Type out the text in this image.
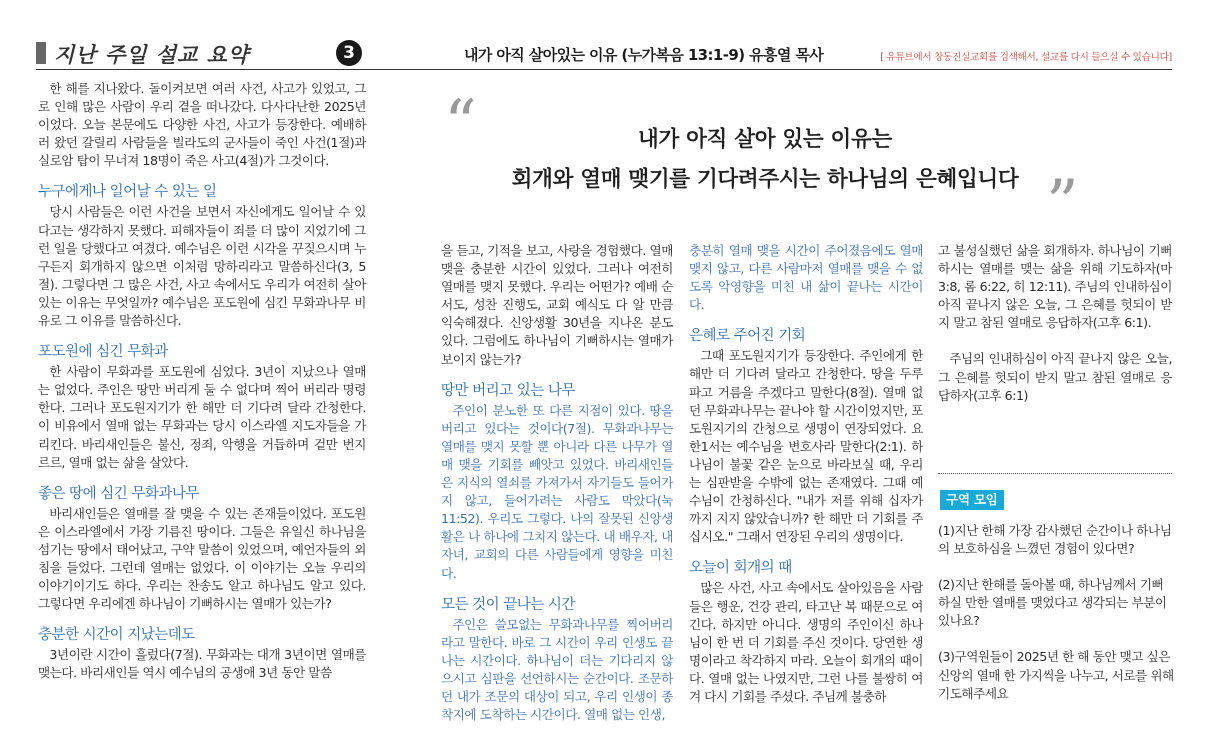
지난 주일 설교 요약	3	내가 아직 살아있는 이유 (누가복음 13:1-9) 유흥열 목사	[ 유튜브에서 창동진실교회를 검색해서, 설교를 다시 들으실 수 있습니다]

한 해를 지나왔다. 돌이켜보면 여러 사건, 사고가 있었고, 그로 인해 많은 사람이 우리 곁을 떠나갔다. 다사다난한 2025년이었다. 오늘 본문에도 다양한 사건, 사고가 등장한다. 예배하러 왔던 갈릴리 사람들을 빌라도의 군사들이 죽인 사건(1절)과 실로암 탑이 무너져 18명이 죽은 사고(4절)가 그것이다.

누구에게나 일어날 수 있는 일

당시 사람들은 이런 사건을 보면서 자신에게도 일어날 수 있다고는 생각하지 못했다. 피해자들이 죄를 더 많이 지었기에 그런 일을 당했다고 여겼다. 예수님은 이런 시각을 꾸짖으시며 누구든지 회개하지 않으면 이처럼 망하리라고 말씀하신다(3, 5절). 그렇다면 그 많은 사건, 사고 속에서도 우리가 여전히 살아있는 이유는 무엇일까? 예수님은 포도원에 심긴 무화과나무 비유로 그 이유를 말씀하신다.

포도원에 심긴 무화과

한 사람이 무화과를 포도원에 심었다. 3년이 지났으나 열매는 없었다. 주인은 땅만 버리게 둘 수 없다며 찍어 버리라 명령한다. 그러나 포도원지기가 한 해만 더 기다려 달라 간청한다. 이 비유에서 열매 없는 무화과는 당시 이스라엘 지도자들을 가리킨다. 바리새인들은 불신, 정죄, 악행을 거듭하며 겉만 번지르르, 열매 없는 삶을 살았다.

좋은 땅에 심긴 무화과나무

바리새인들은 열매를 잘 맺을 수 있는 존재들이었다. 포도원은 이스라엘에서 가장 기름진 땅이다. 그들은 유일신 하나님을 섬기는 땅에서 태어났고, 구약 말씀이 있었으며, 예언자들의 외침을 들었다. 그런데 열매는 없었다. 이 이야기는 오늘 우리의 이야기이기도 하다. 우리는 찬송도 알고 하나님도 알고 있다. 그렇다면 우리에겐 하나님이 기뻐하시는 열매가 있는가?

충분한 시간이 지났는데도

3년이란 시간이 흘렀다(7절). 무화과는 대개 3년이면 열매를 맺는다. 바리새인들 역시 예수님의 공생애 3년 동안 말씀

“	내가 아직 살아 있는 이유는
회개와 열매 맺기를 기다려주시는 하나님의 은혜입니다 ”

을 듣고, 기적을 보고, 사랑을 경험했다. 열매 맺을 충분한 시간이 있었다. 그러나 여전히 열매를 맺지 못했다. 우리는 어떤가? 예배 순서도, 성찬 진행도, 교회 예식도 다 알 만큼 익숙해졌다. 신앙생활 30년을 지나온 분도 있다. 그럼에도 하나님이 기뻐하시는 열매가 보이지 않는가?

땅만 버리고 있는 나무

주인이 분노한 또 다른 지점이 있다. 땅을 버리고 있다는 것이다(7절). 무화과나무는 열매를 맺지 못할 뿐 아니라 다른 나무가 열매 맺을 기회를 빼앗고 있었다. 바리새인들은 지식의 열쇠를 가져가서 자기들도 들어가지 않고, 들어가려는 사람도 막았다(눅 11:52). 우리도 그렇다. 나의 잘못된 신앙생활은 나 하나에 그치지 않는다. 내 배우자, 내 자녀, 교회의 다른 사람들에게 영향을 미친다.

모든 것이 끝나는 시간

주인은 쓸모없는 무화과나무를 찍어버리라고 말한다. 바로 그 시간이 우리 인생도 끝나는 시간이다. 하나님이 더는 기다리지 않으시고 심판을 선언하시는 순간이다. 조문하던 내가 조문의 대상이 되고, 우리 인생이 종착지에 도착하는 시간이다. 열매 없는 인생,

충분히 열매 맺을 시간이 주어졌음에도 열매 맺지 않고, 다른 사람마저 열매를 맺을 수 없도록 악영향을 미친 내 삶이 끝나는 시간이다.

은혜로 주어진 기회

그때 포도원지기가 등장한다. 주인에게 한 해만 더 기다려 달라고 간청한다. 땅을 두루 파고 거름을 주겠다고 말한다(8절). 열매 없던 무화과나무는 끝나야 할 시간이었지만, 포도원지기의 간청으로 생명이 연장되었다. 요한1서는 예수님을 변호사라 말한다(2:1). 하나님이 불꽃 같은 눈으로 바라보실 때, 우리는 심판받을 수밖에 없는 존재였다. 그때 예수님이 간청하신다. "내가 저를 위해 십자가까지 지지 않았습니까? 한 해만 더 기회를 주십시오." 그래서 연장된 우리의 생명이다.

오늘이 회개의 때

많은 사건, 사고 속에서도 살아있음을 사람들은 행운, 건강 관리, 타고난 복 때문으로 여긴다. 하지만 아니다. 생명의 주인이신 하나님이 한 번 더 기회를 주신 것이다. 당연한 생명이라고 착각하지 마라. 오늘이 회개의 때이다. 열매 없는 나였지만, 그런 나를 불쌍히 여겨 다시 기회를 주셨다. 주님께 불충하

고 불성실했던 삶을 회개하자. 하나님이 기뻐하시는 열매를 맺는 삶을 위해 기도하자(마 3:8, 롬 6:22, 히 12:11). 주님의 인내하심이 아직 끝나지 않은 오늘, 그 은혜를 헛되이 받지 말고 참된 열매로 응답하자(고후 6:1).

주님의 인내하심이 아직 끝나지 않은 오늘, 그 은혜를 헛되이 받지 말고 참된 열매로 응답하자(고후 6:1)

구역 모임

(1)지난 한해 가장 감사했던 순간이나 하나님의 보호하심을 느꼈던 경험이 있다면?

(2)지난 한해를 돌아볼 때, 하나님께서 기뻐하실 만한 열매를 맺었다고 생각되는 부분이 있나요?

(3)구역원들이 2025년 한 해 동안 맺고 싶은 신앙의 열매 한 가지씩을 나누고, 서로를 위해 기도해주세요
